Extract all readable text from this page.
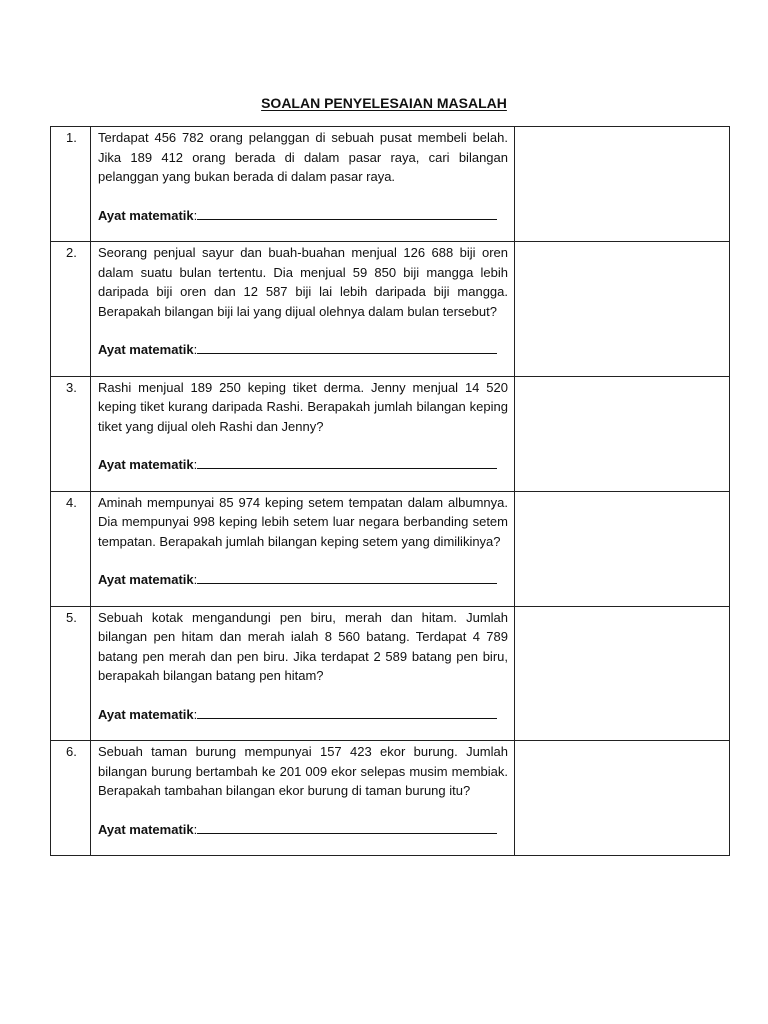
SOALAN PENYELESAIAN MASALAH
1.	Terdapat 456 782 orang pelanggan di sebuah pusat membeli belah. Jika 189 412 orang berada di dalam pasar raya, cari bilangan pelanggan yang bukan berada di dalam pasar raya.

Ayat matematik:	

2.	Seorang penjual sayur dan buah-buahan menjual 126 688 biji oren dalam suatu bulan tertentu. Dia menjual 59 850 biji mangga lebih daripada biji oren dan 12 587 biji lai lebih daripada biji mangga. Berapakah bilangan biji lai yang dijual olehnya dalam bulan tersebut?

Ayat matematik:	

3.	Rashi menjual 189 250 keping tiket derma. Jenny menjual 14 520 keping tiket kurang daripada Rashi. Berapakah jumlah bilangan keping tiket yang dijual oleh Rashi dan Jenny?

Ayat matematik:	

4.	Aminah mempunyai 85 974 keping setem tempatan dalam albumnya. Dia mempunyai 998 keping lebih setem luar negara berbanding setem tempatan. Berapakah jumlah bilangan keping setem yang dimilikinya?

Ayat matematik:	

5.	Sebuah kotak mengandungi pen biru, merah dan hitam. Jumlah bilangan pen hitam dan merah ialah 8 560 batang. Terdapat 4 789 batang pen merah dan pen biru. Jika terdapat 2 589 batang pen biru, berapakah bilangan batang pen hitam?

Ayat matematik:	

6.	Sebuah taman burung mempunyai 157 423 ekor burung. Jumlah bilangan burung bertambah ke 201 009 ekor selepas musim membiak. Berapakah tambahan bilangan ekor burung di taman burung itu?

Ayat matematik:	
